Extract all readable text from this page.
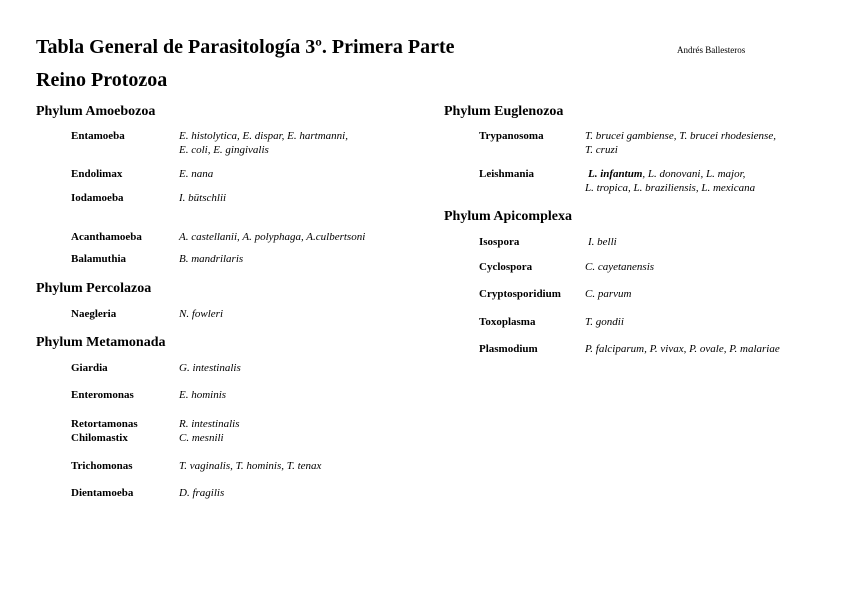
Tabla General de Parasitología 3º. Primera Parte	Andrés Ballesteros
Reino Protozoa
Phylum Amoebozoa
Entamoeba	E. histolytica, E. dispar, E. hartmanni,
E. coli, E. gingivalis
Endolimax	E. nana
Iodamoeba	I. bütschlii
Acanthamoeba	A. castellanii, A. polyphaga, A.culbertsoni
Balamuthia	B. mandrilaris
Phylum Percolazoa
Naegleria	N. fowleri
Phylum Metamonada
Giardia	G. intestinalis
Enteromonas	E. hominis
Retortamonas	R. intestinalis
Chilomastix	C. mesnili
Trichomonas	T. vaginalis, T. hominis, T. tenax
Dientamoeba	D. fragilis
Phylum Euglenozoa
Trypanosoma	T. brucei gambiense, T. brucei rhodesiense,
T. cruzi
Leishmania	L. infantum, L. donovani, L. major,
L. tropica, L. braziliensis, L. mexicana
Phylum Apicomplexa
Isospora	I. belli
Cyclospora	C. cayetanensis
Cryptosporidium C. parvum
Toxoplasma	T. gondii
Plasmodium	P. falciparum, P. vivax, P. ovale, P. malariae
